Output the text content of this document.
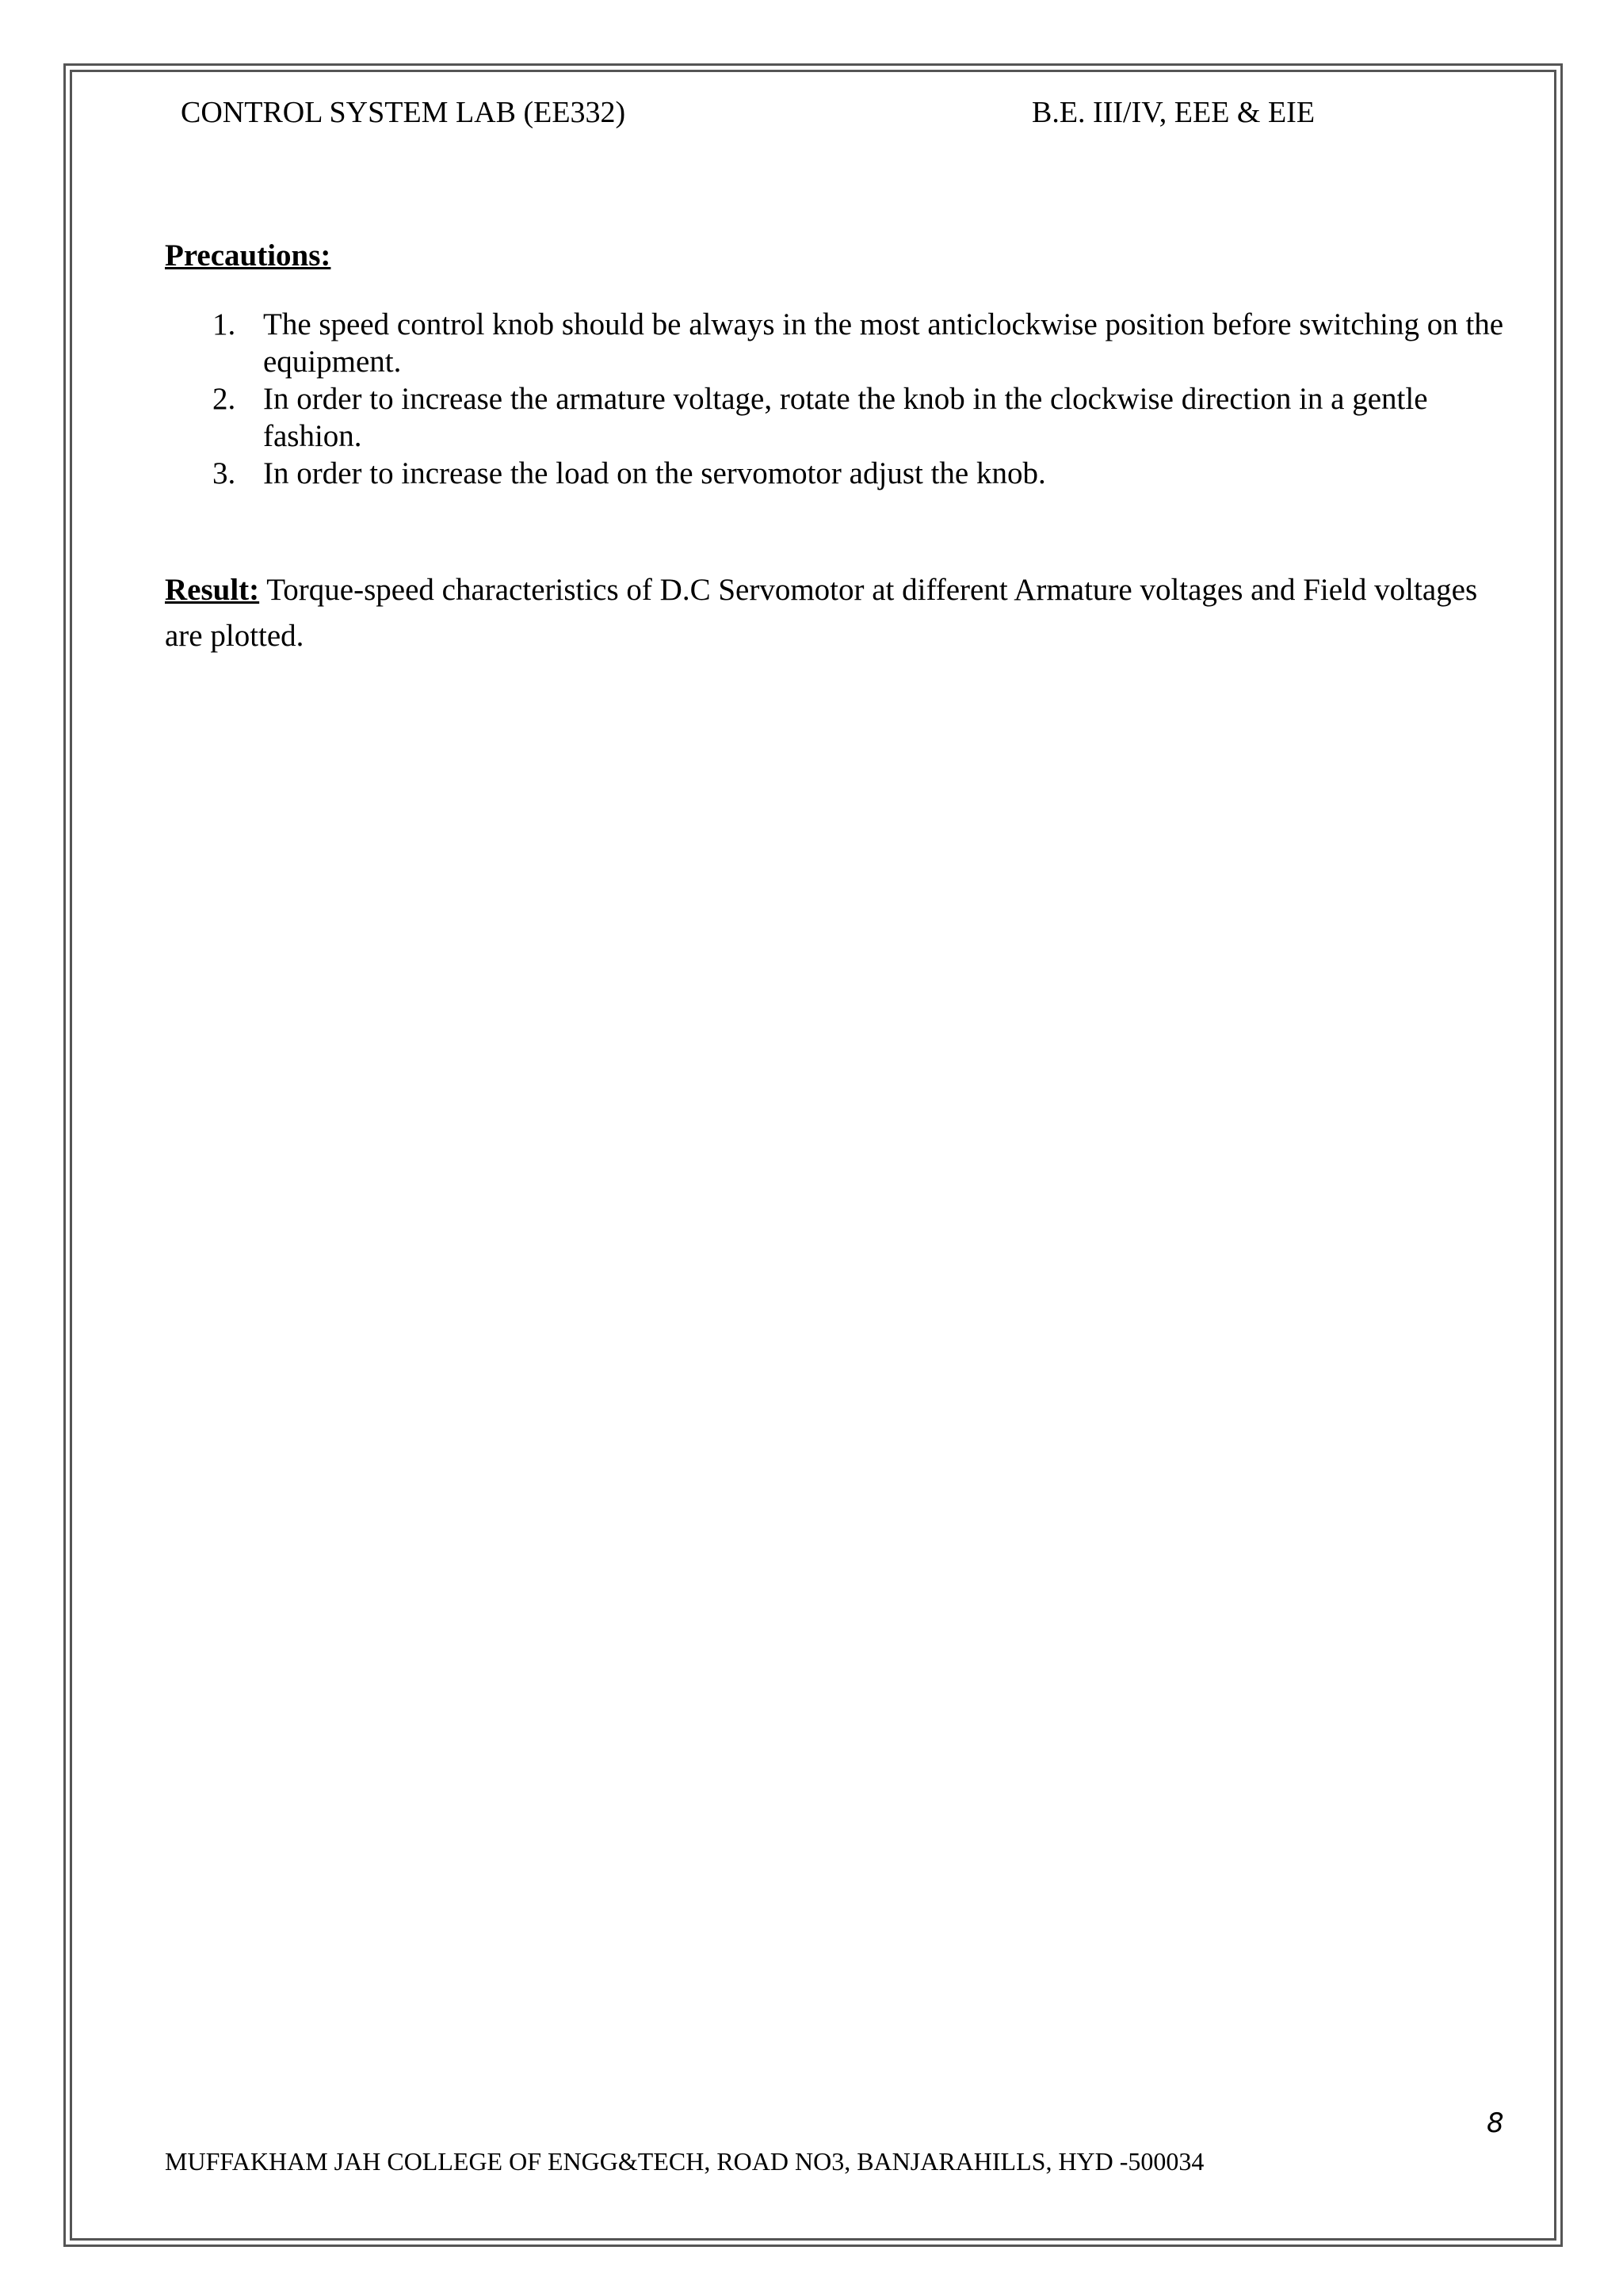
CONTROL SYSTEM LAB (EE332)	B.E. III/IV, EEE & EIE
Precautions:
1. The speed control knob should be always in the most anticlockwise position before switching on the equipment.
2. In order to increase the armature voltage, rotate the knob in the clockwise direction in a gentle fashion.
3. In order to increase the load on the servomotor adjust the knob.
Result: Torque-speed characteristics of D.C Servomotor at different Armature voltages and Field voltages are plotted.
8
MUFFAKHAM JAH COLLEGE OF ENGG&TECH, ROAD NO3, BANJARAHILLS, HYD -500034
